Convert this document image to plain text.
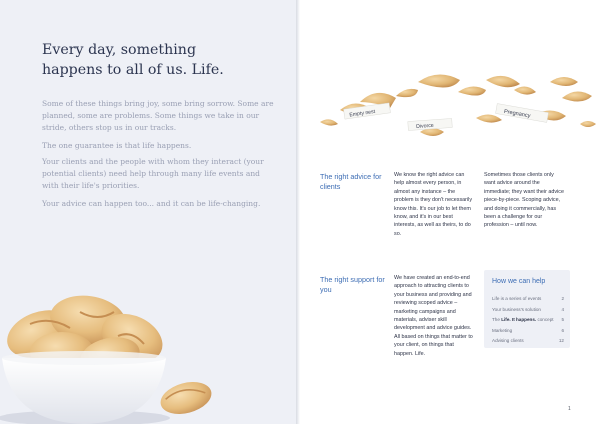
Every day, something
happens to all of us. Life.

Some of these things bring joy, some bring sorrow. Some are planned, some are problems. Some things we take in our stride, others stop us in our tracks.

The one guarantee is that life happens.

Your clients and the people with whom they interact (your potential clients) need help through many life events and with their life's priorities.

Your advice can happen too... and it can be life-changing.

Empty nest
Divorce
Pregnancy
The right advice for clients

We know the right advice can help almost every person, in almost any instance – the problem is they don't necessarily know this. It's our job to let them know, and it's in our best interests, as well as theirs, to do so.

Sometimes those clients only want advice around the immediate; they want their advice piece-by-piece. Scoping advice, and doing it commercially, has been a challenge for our profession – until now.

The right support for you

We have created an end-to-end approach to attracting clients to your business and providing and reviewing scoped advice – marketing campaigns and materials, adviser skill development and advice guides. All based on things that matter to your client, on things that happen. Life.

How we can help
Life is a series of events	2
Your business's solution	4
The Life. It happens. concept 5
Marketing	6
Advising clients	12
1
